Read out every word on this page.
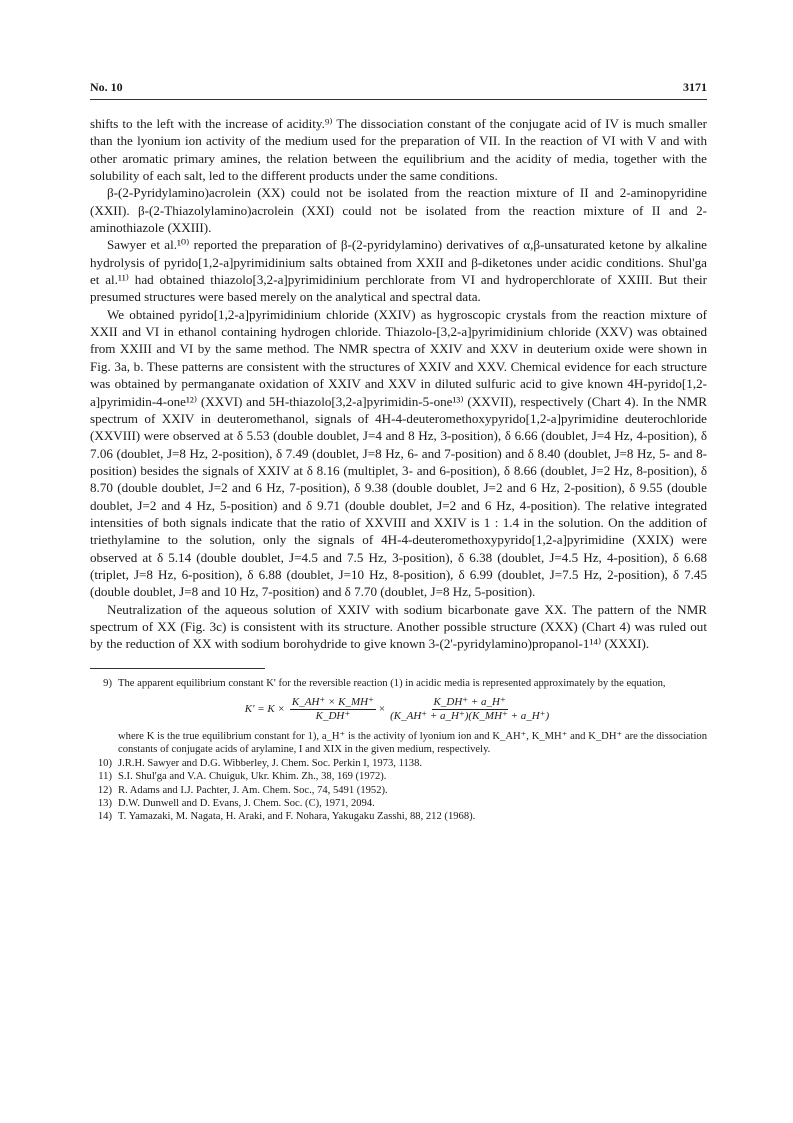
No. 10	3171

shifts to the left with the increase of acidity.⁹⁾ The dissociation constant of the conjugate acid of IV is much smaller than the lyonium ion activity of the medium used for the preparation of VII. In the reaction of VI with V and with other aromatic primary amines, the relation between the equilibrium and the acidity of media, together with the solubility of each salt, led to the different products under the same conditions.

β-(2-Pyridylamino)acrolein (XX) could not be isolated from the reaction mixture of II and 2-aminopyridine (XXII). β-(2-Thiazolylamino)acrolein (XXI) could not be isolated from the reaction mixture of II and 2-aminothiazole (XXIII).

Sawyer et al.¹⁰⁾ reported the preparation of β-(2-pyridylamino) derivatives of α,β-unsaturated ketone by alkaline hydrolysis of pyrido[1,2-a]pyrimidinium salts obtained from XXII and β-diketones under acidic conditions. Shul'ga et al.¹¹⁾ had obtained thiazolo[3,2-a]pyrimidinium perchlorate from VI and hydroperchlorate of XXIII. But their presumed structures were based merely on the analytical and spectral data.

We obtained pyrido[1,2-a]pyrimidinium chloride (XXIV) as hygroscopic crystals from the reaction mixture of XXII and VI in ethanol containing hydrogen chloride. Thiazolo-[3,2-a]pyrimidinium chloride (XXV) was obtained from XXIII and VI by the same method. The NMR spectra of XXIV and XXV in deuterium oxide were shown in Fig. 3a, b. These patterns are consistent with the structures of XXIV and XXV. Chemical evidence for each structure was obtained by permanganate oxidation of XXIV and XXV in diluted sulfuric acid to give known 4H-pyrido[1,2-a]pyrimidin-4-one¹²⁾ (XXVI) and 5H-thiazolo[3,2-a]pyrimidin-5-one¹³⁾ (XXVII), respectively (Chart 4). In the NMR spectrum of XXIV in deuteromethanol, signals of 4H-4-deuteromethoxypyrido[1,2-a]pyrimidine deuterochloride (XXVIII) were observed at δ 5.53 (double doublet, J=4 and 8 Hz, 3-position), δ 6.66 (doublet, J=4 Hz, 4-position), δ 7.06 (doublet, J=8 Hz, 2-position), δ 7.49 (doublet, J=8 Hz, 6- and 7-position) and δ 8.40 (doublet, J=8 Hz, 5- and 8-position) besides the signals of XXIV at δ 8.16 (multiplet, 3- and 6-position), δ 8.66 (doublet, J=2 Hz, 8-position), δ 8.70 (double doublet, J=2 and 6 Hz, 7-position), δ 9.38 (double doublet, J=2 and 6 Hz, 2-position), δ 9.55 (double doublet, J=2 and 4 Hz, 5-position) and δ 9.71 (double doublet, J=2 and 6 Hz, 4-position). The relative integrated intensities of both signals indicate that the ratio of XXVIII and XXIV is 1 : 1.4 in the solution. On the addition of triethylamine to the solution, only the signals of 4H-4-deuteromethoxypyrido[1,2-a]pyrimidine (XXIX) were observed at δ 5.14 (double doublet, J=4.5 and 7.5 Hz, 3-position), δ 6.38 (doublet, J=4.5 Hz, 4-position), δ 6.68 (triplet, J=8 Hz, 6-position), δ 6.88 (doublet, J=10 Hz, 8-position), δ 6.99 (doublet, J=7.5 Hz, 2-position), δ 7.45 (double doublet, J=8 and 10 Hz, 7-position) and δ 7.70 (doublet, J=8 Hz, 5-position).

Neutralization of the aqueous solution of XXIV with sodium bicarbonate gave XX. The pattern of the NMR spectrum of XX (Fig. 3c) is consistent with its structure. Another possible structure (XXX) (Chart 4) was ruled out by the reduction of XX with sodium borohydride to give known 3-(2'-pyridylamino)propanol-1¹⁴⁾ (XXXI).

9) The apparent equilibrium constant K' for the reversible reaction (1) in acidic media is represented approximately by the equation,
$K' = K \times \frac{K\_AH^+ \times K\_MH^+}{K\_DH^+} \times \frac{K\_DH^+ + a\_H^+}{(K\_AH^+ + a\_H^+)(K\_MH^+ + a\_H^+)}$
where K is the true equilibrium constant for 1), a_H⁺ is the activity of lyonium ion and K_AH⁺, K_MH⁺ and K_DH⁺ are the dissociation constants of conjugate acids of arylamine, I and XIX in the given medium, respectively.
10) J.R.H. Sawyer and D.G. Wibberley, J. Chem. Soc. Perkin I, 1973, 1138.
11) S.I. Shul'ga and V.A. Chuiguk, Ukr. Khim. Zh., 38, 169 (1972).
12) R. Adams and I.J. Pachter, J. Am. Chem. Soc., 74, 5491 (1952).
13) D.W. Dunwell and D. Evans, J. Chem. Soc. (C), 1971, 2094.
14) T. Yamazaki, M. Nagata, H. Araki, and F. Nohara, Yakugaku Zasshi, 88, 212 (1968).
